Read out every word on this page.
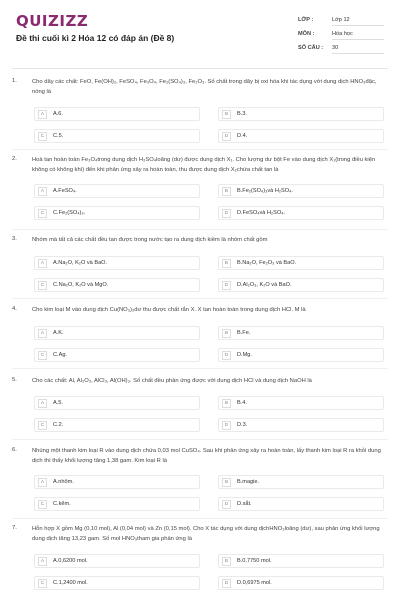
QUIZIZZ
Đề thi cuối kì 2 Hóa 12 có đáp án (Đề 8)
LỚP :	Lớp 12
MÔN :	Hóa học
SỐ CÂU : 30
1.	Cho dãy các chất: FeO, Fe(OH)₂, FeSO₄, Fe₃O₄, Fe₂(SO₄)₃, Fe₂O₃. Số chất trong dãy bị oxi hóa khi tác dụng với dung dịch HNO₃đặc, nóng là
A	A.6.	B	B.3.
C	C.5.	D	D.4.
2.	Hoà tan hoàn toàn Fe₃O₄trong dung dịch H₂SO₄loãng (dư) được dung dịch X₁. Cho lượng dư bột Fe vào dung dịch X₁(trong điều kiện không có không khí) đến khi phản ứng xảy ra hoàn toàn, thu được dung dịch X₂chứa chất tan là
A	A.FeSO₄.	B	B.Fe₂(SO₄)₃và H₂SO₄.
C	C.Fe₂(SO₄)₃.	D	D.FeSO₄và H₂SO₄.
3.	Nhóm mà tất cả các chất đều tan được trong nước tạo ra dung dịch kiềm là nhóm chất gồm
A	A.Na₂O, K₂O và BaO.	B	B.Na₂O, Fe₂O₃ và BaO.
C	C.Na₂O, K₂O và MgO.	D	D.Al₂O₃, K₂O và BaO.
4.	Cho kim loại M vào dung dịch Cu(NO₃)₂dư thu được chất rắn X. X tan hoàn toàn trong dung dịch HCl. M là
A	A.K.	B	B.Fe.
C	C.Ag.	D	D.Mg.
5.	Cho các chất: Al, Al₂O₃, AlCl₃, Al(OH)₃. Số chất đều phản ứng được với dung dịch HCl và dung dịch NaOH là
A	A.5.	B	B.4.
C	C.2.	D	D.3.
6.	Nhúng một thanh kim loại R vào dung dịch chứa 0,03 mol CuSO₄. Sau khi phản ứng xảy ra hoàn toàn, lấy thanh kim loại R ra khỏi dung dịch thì thấy khối lượng tăng 1,38 gam. Kim loại R là
A	A.nhôm.	B	B.magie.
C	C.kẽm.	D	D.sắt.
7.	Hỗn hợp X gồm Mg (0,10 mol), Al (0,04 mol) và Zn (0,15 mol). Cho X tác dụng với dung dịchHNO₃loãng (dư), sau phản ứng khối lượng dung dịch tăng 13,23 gam. Số mol HNO₃tham gia phản ứng là
A	A.0,6200 mol.	B	B.0,7750 mol.
C	C.1,2400 mol.	D	D.0,6975 mol.
